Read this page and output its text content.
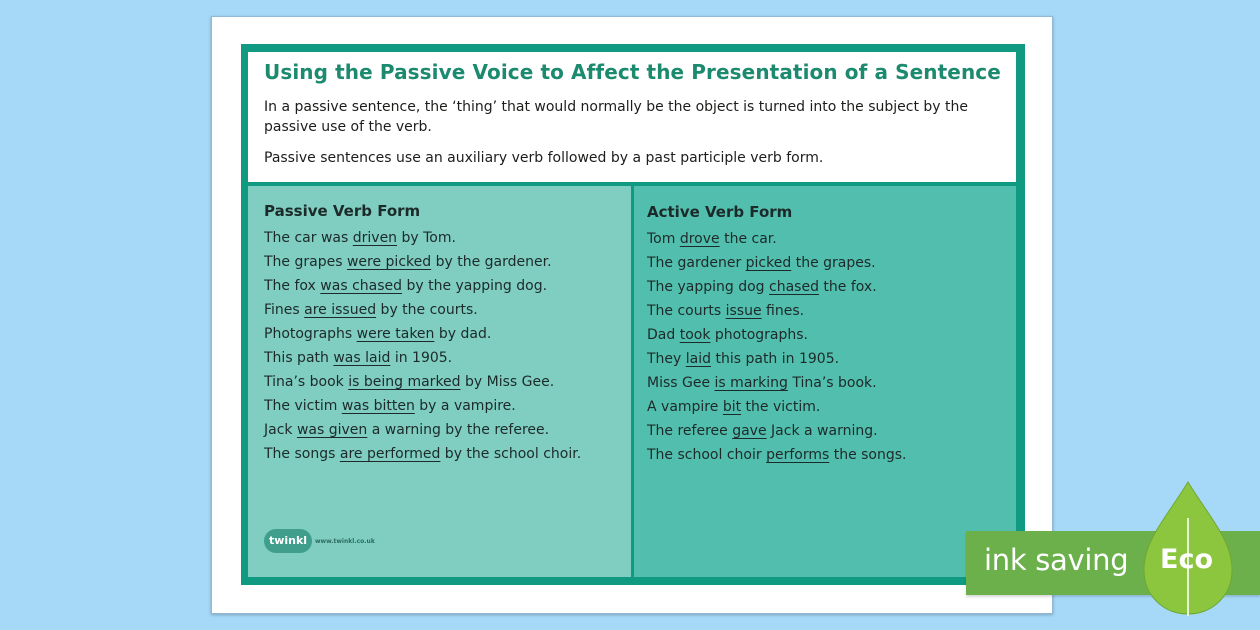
Using the Passive Voice to Affect the Presentation of a Sentence
In a passive sentence, the ‘thing’ that would normally be the object is turned into the subject by the passive use of the verb.
Passive sentences use an auxiliary verb followed by a past participle verb form.
Passive Verb Form
The car was driven by Tom.
The grapes were picked by the gardener.
The fox was chased by the yapping dog.
Fines are issued by the courts.
Photographs were taken by dad.
This path was laid in 1905.
Tina’s book is being marked by Miss Gee.
The victim was bitten by a vampire.
Jack was given a warning by the referee.
The songs are performed by the school choir.
twinkl	www.twinkl.co.uk
Active Verb Form
Tom drove the car.
The gardener picked the grapes.
The yapping dog chased the fox.
The courts issue fines.
Dad took photographs.
They laid this path in 1905.
Miss Gee is marking Tina’s book.
A vampire bit the victim.
The referee gave Jack a warning.
The school choir performs the songs.
ink saving Eco
